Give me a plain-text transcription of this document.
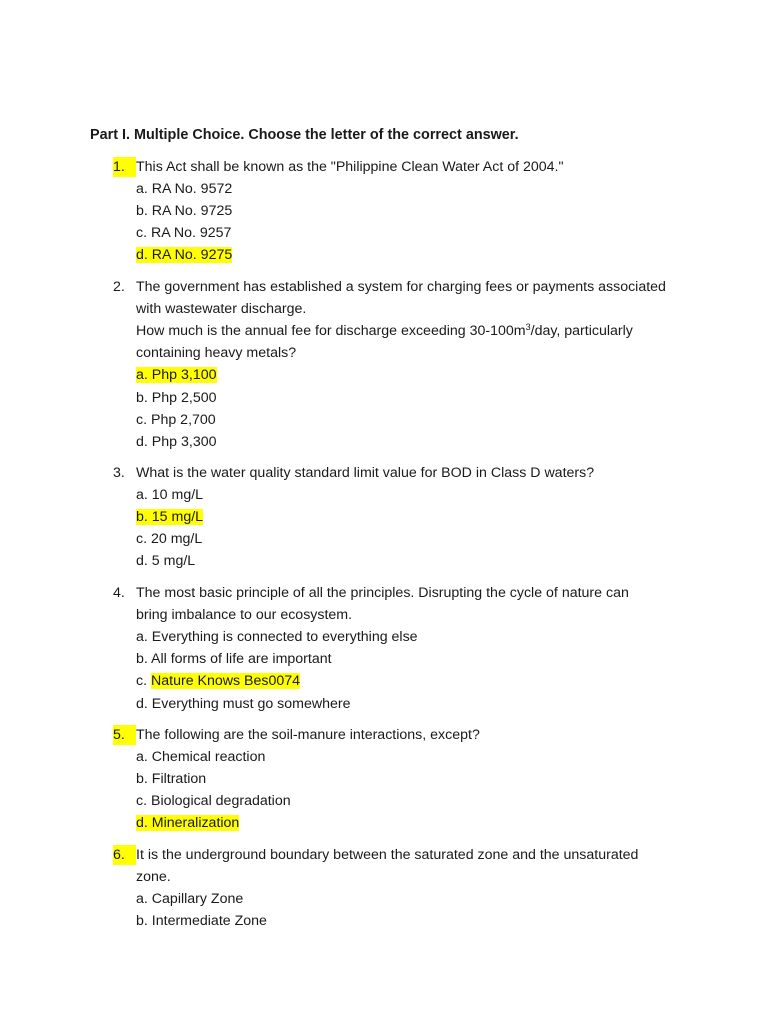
Part I. Multiple Choice. Choose the letter of the correct answer.
1. This Act shall be known as the "Philippine Clean Water Act of 2004."
a. RA No. 9572
b. RA No. 9725
c. RA No. 9257
d. RA No. 9275
2. The government has established a system for charging fees or payments associated
with wastewater discharge.
How much is the annual fee for discharge exceeding $30-100m^3$/day, particularly
containing heavy metals?
a. Php 3,100
b. Php 2,500
c. Php 2,700
d. Php 3,300
3. What is the water quality standard limit value for BOD in Class D waters?
a. 10 mg/L
b. 15 mg/L
c. 20 mg/L
d. 5 mg/L
4. The most basic principle of all the principles. Disrupting the cycle of nature can
bring imbalance to our ecosystem.
a. Everything is connected to everything else
b. All forms of life are important
c. Nature Knows Bes0074
d. Everything must go somewhere
5. The following are the soil-manure interactions, except?
a. Chemical reaction
b. Filtration
c. Biological degradation
d. Mineralization
6. It is the underground boundary between the saturated zone and the unsaturated
zone.
a. Capillary Zone
b. Intermediate Zone
